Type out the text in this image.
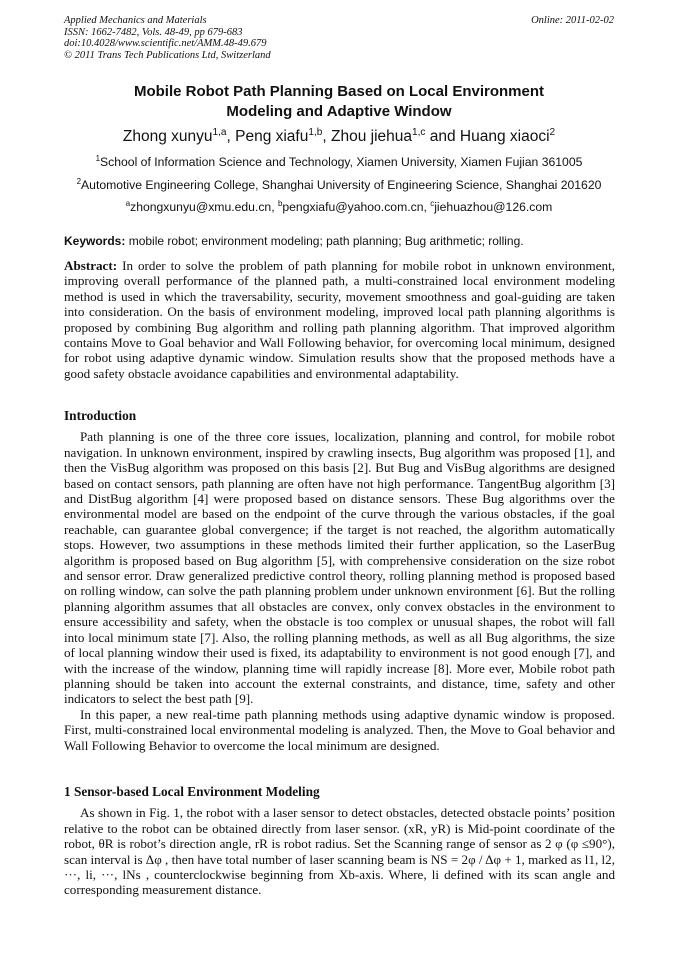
Applied Mechanics and Materials
ISSN: 1662-7482, Vols. 48-49, pp 679-683
doi:10.4028/www.scientific.net/AMM.48-49.679
© 2011 Trans Tech Publications Ltd, Switzerland
Online: 2011-02-02
Mobile Robot Path Planning Based on Local Environment
Modeling and Adaptive Window
Zhong xunyu$^{1,a}$, Peng xiafu$^{1,b}$, Zhou jiehua$^{1,c}$ and Huang xiaoci$^2$
$^1$School of Information Science and Technology, Xiamen University, Xiamen Fujian 361005
$^2$Automotive Engineering College, Shanghai University of Engineering Science, Shanghai 201620
$^a$zhongxunyu@xmu.edu.cn, $^b$pengxiafu@yahoo.com.cn, $^c$jiehuazhou@126.com

Keywords: mobile robot; environment modeling; path planning; Bug arithmetic; rolling.

Abstract: In order to solve the problem of path planning for mobile robot in unknown environment, improving overall performance of the planned path, a multi-constrained local environment modeling method is used in which the traversability, security, movement smoothness and goal-guiding are taken into consideration. On the basis of environment modeling, improved local path planning algorithms is proposed by combining Bug algorithm and rolling path planning algorithm. That improved algorithm contains Move to Goal behavior and Wall Following behavior, for overcoming local minimum, designed for robot using adaptive dynamic window. Simulation results show that the proposed methods have a good safety obstacle avoidance capabilities and environmental adaptability.

Introduction

Path planning is one of the three core issues, localization, planning and control, for mobile robot navigation. In unknown environment, inspired by crawling insects, Bug algorithm was proposed [1], and then the VisBug algorithm was proposed on this basis [2]. But Bug and VisBug algorithms are designed based on contact sensors, path planning are often have not high performance. TangentBug algorithm [3] and DistBug algorithm [4] were proposed based on distance sensors. These Bug algorithms over the environmental model are based on the endpoint of the curve through the various obstacles, if the goal reachable, can guarantee global convergence; if the target is not reached, the algorithm automatically stops. However, two assumptions in these methods limited their further application, so the LaserBug algorithm is proposed based on Bug algorithm [5], with comprehensive consideration on the size robot and sensor error. Draw generalized predictive control theory, rolling planning method is proposed based on rolling window, can solve the path planning problem under unknown environment [6]. But the rolling planning algorithm assumes that all obstacles are convex, only convex obstacles in the environment to ensure accessibility and safety, when the obstacle is too complex or unusual shapes, the robot will fall into local minimum state [7]. Also, the rolling planning methods, as well as all Bug algorithms, the size of local planning window their used is fixed, its adaptability to environment is not good enough [7], and with the increase of the window, planning time will rapidly increase [8]. More ever, Mobile robot path planning should be taken into account the external constraints, and distance, time, safety and other indicators to select the best path [9].

In this paper, a new real-time path planning methods using adaptive dynamic window is proposed. First, multi-constrained local environmental modeling is analyzed. Then, the Move to Goal behavior and Wall Following Behavior to overcome the local minimum are designed.

1 Sensor-based Local Environment Modeling

As shown in Fig. 1, the robot with a laser sensor to detect obstacles, detected obstacle points’ position relative to the robot can be obtained directly from laser sensor. (xR, yR) is Mid-point coordinate of the robot, θR is robot’s direction angle, rR is robot radius. Set the Scanning range of sensor as 2 φ (φ ≤90°), scan interval is Δφ , then have total number of laser scanning beam is NS = 2φ / Δφ + 1, marked as l1, l2, ···, li, ···, lNs , counterclockwise beginning from Xb-axis. Where, li defined with its scan angle and corresponding measurement distance.
